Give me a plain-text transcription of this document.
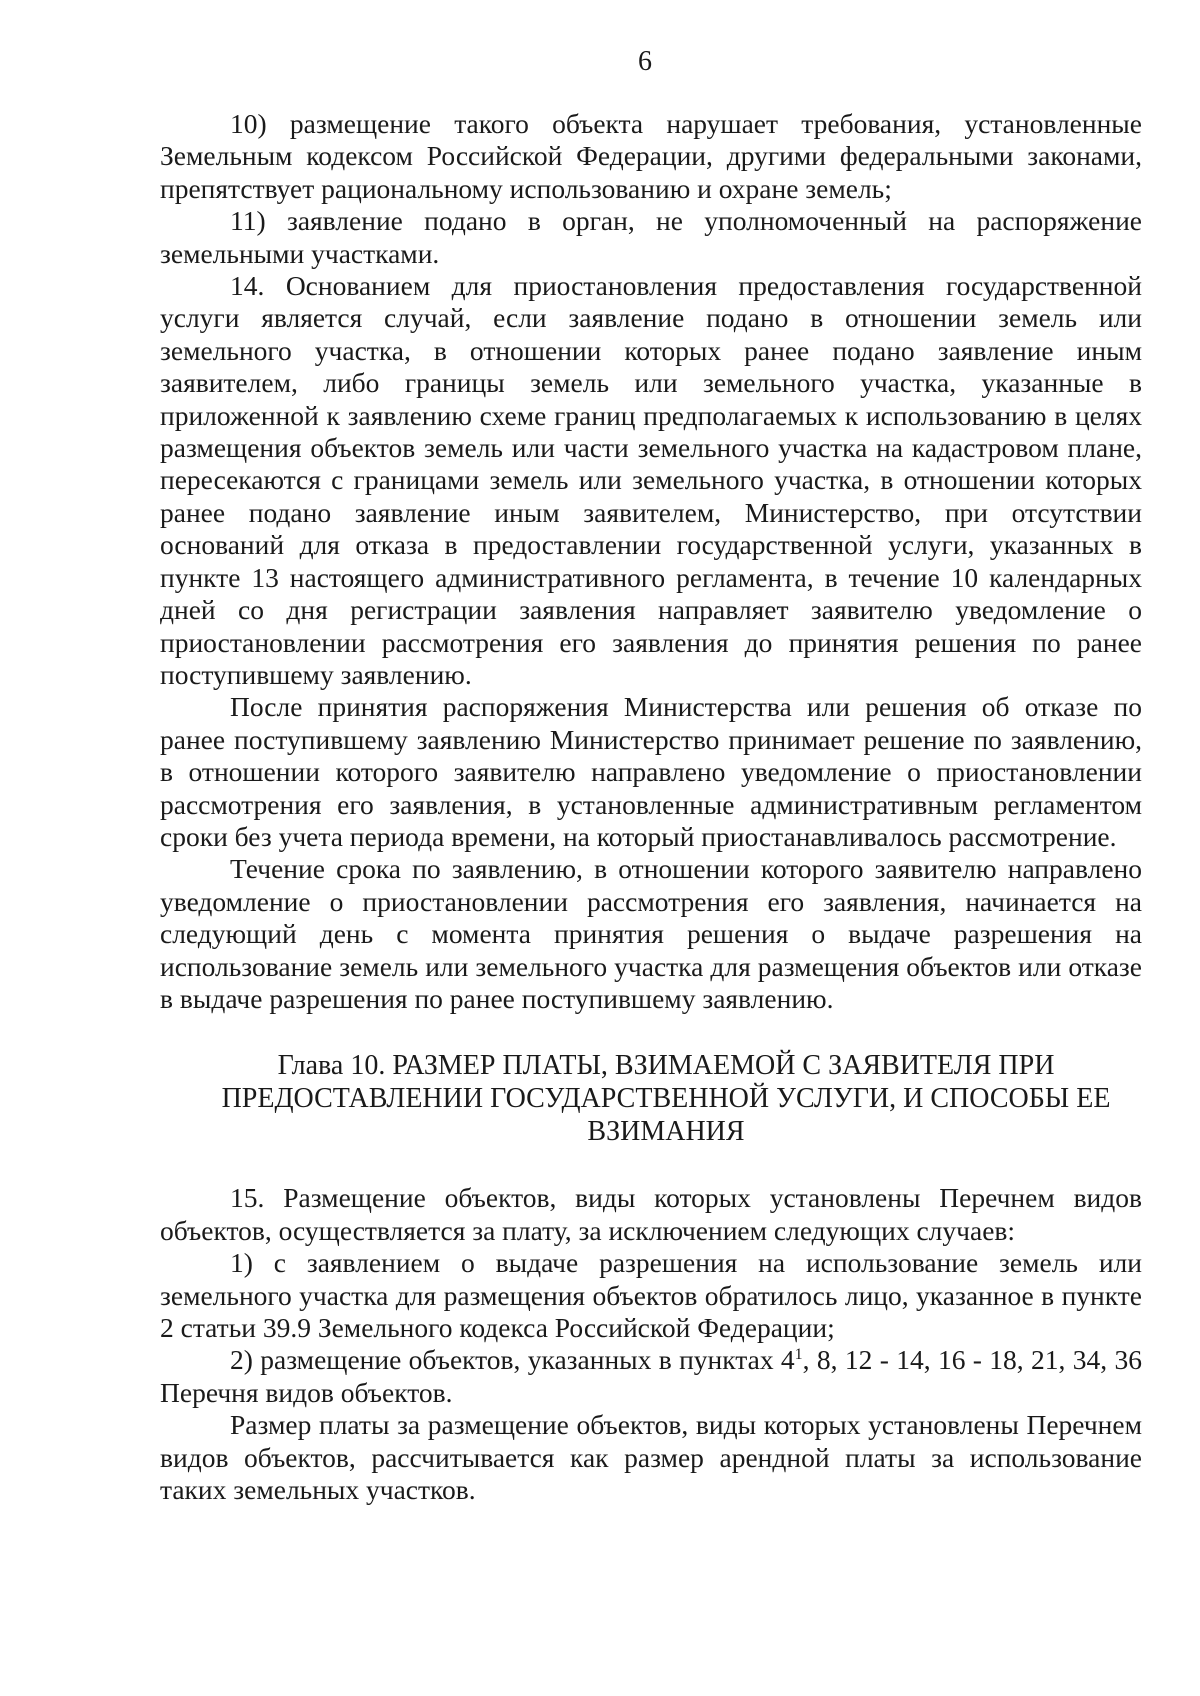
6

10) размещение такого объекта нарушает требования, установленные Земельным кодексом Российской Федерации, другими федеральными законами, препятствует рациональному использованию и охране земель;

11) заявление подано в орган, не уполномоченный на распоряжение земельными участками.

14. Основанием для приостановления предоставления государственной услуги является случай, если заявление подано в отношении земель или земельного участка, в отношении которых ранее подано заявление иным заявителем, либо границы земель или земельного участка, указанные в приложенной к заявлению схеме границ предполагаемых к использованию в целях размещения объектов земель или части земельного участка на кадастровом плане, пересекаются с границами земель или земельного участка, в отношении которых ранее подано заявление иным заявителем, Министерство, при отсутствии оснований для отказа в предоставлении государственной услуги, указанных в пункте 13 настоящего административного регламента, в течение 10 календарных дней со дня регистрации заявления направляет заявителю уведомление о приостановлении рассмотрения его заявления до принятия решения по ранее поступившему заявлению.

После принятия распоряжения Министерства или решения об отказе по ранее поступившему заявлению Министерство принимает решение по заявлению, в отношении которого заявителю направлено уведомление о приостановлении рассмотрения его заявления, в установленные административным регламентом сроки без учета периода времени, на который приостанавливалось рассмотрение.

Течение срока по заявлению, в отношении которого заявителю направлено уведомление о приостановлении рассмотрения его заявления, начинается на следующий день с момента принятия решения о выдаче разрешения на использование земель или земельного участка для размещения объектов или отказе в выдаче разрешения по ранее поступившему заявлению.

Глава 10. РАЗМЕР ПЛАТЫ, ВЗИМАЕМОЙ С ЗАЯВИТЕЛЯ ПРИ
ПРЕДОСТАВЛЕНИИ ГОСУДАРСТВЕННОЙ УСЛУГИ, И СПОСОБЫ ЕЕ
ВЗИМАНИЯ

15. Размещение объектов, виды которых установлены Перечнем видов объектов, осуществляется за плату, за исключением следующих случаев:

1) с заявлением о выдаче разрешения на использование земель или земельного участка для размещения объектов обратилось лицо, указанное в пункте 2 статьи 39.9 Земельного кодекса Российской Федерации;

2) размещение объектов, указанных в пунктах $4^1$, 8, 12 - 14, 16 - 18, 21, 34, 36 Перечня видов объектов.

Размер платы за размещение объектов, виды которых установлены Перечнем видов объектов, рассчитывается как размер арендной платы за использование таких земельных участков.
